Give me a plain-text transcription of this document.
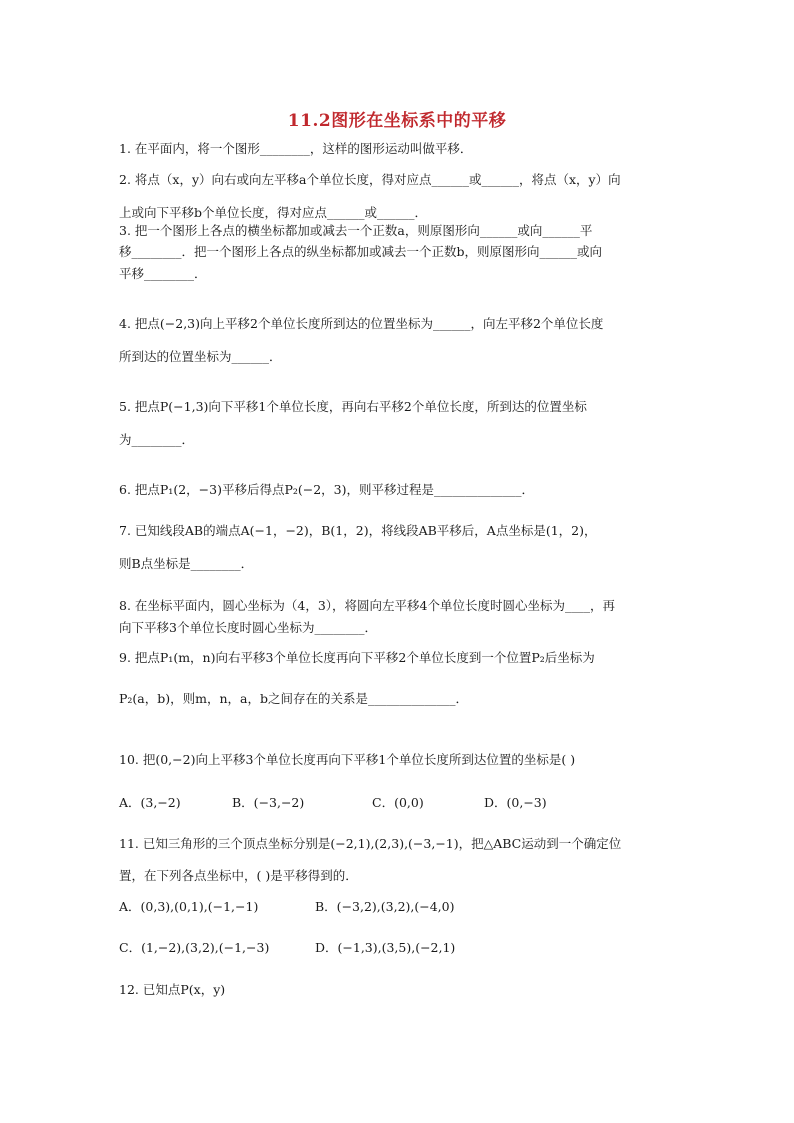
11.2图形在坐标系中的平移
1. 在平面内，将一个图形________，这样的图形运动叫做平移．
2. 将点（x，y）向右或向左平移a个单位长度，得对应点______或______，将点（x，y）向
上或向下平移b个单位长度，得对应点______或______．
3. 把一个图形上各点的横坐标都加或减去一个正数a，则原图形向______或向______平
移________．把一个图形上各点的纵坐标都加或减去一个正数b，则原图形向______或向
平移________．
4. 把点(−2,3)向上平移2个单位长度所到达的位置坐标为______，向左平移2个单位长度
所到达的位置坐标为______．
5. 把点P(−1,3)向下平移1个单位长度，再向右平移2个单位长度，所到达的位置坐标
为________．
6. 把点P₁(2，−3)平移后得点P₂(−2，3)，则平移过程是______________．
7. 已知线段AB的端点A(−1，−2)，B(1，2)，将线段AB平移后，A点坐标是(1，2)，
则B点坐标是________．
8. 在坐标平面内，圆心坐标为（4，3），将圆向左平移4个单位长度时圆心坐标为____，再
向下平移3个单位长度时圆心坐标为________．
9. 把点P₁(m，n)向右平移3个单位长度再向下平移2个单位长度到一个位置P₂后坐标为
P₂(a，b)，则m，n，a，b之间存在的关系是______________．
10. 把(0,−2)向上平移3个单位长度再向下平移1个单位长度所到达位置的坐标是( )
A．(3,−2)	B．(−3,−2)	C．(0,0)	D．(0,−3)
11. 已知三角形的三个顶点坐标分别是(−2,1),(2,3),(−3,−1)，把△ABC运动到一个确定位
置，在下列各点坐标中，( )是平移得到的．
A．(0,3),(0,1),(−1,−1)	B．(−3,2),(3,2),(−4,0)
C．(1,−2),(3,2),(−1,−3)	D．(−1,3),(3,5),(−2,1)
12. 已知点P(x，y)
